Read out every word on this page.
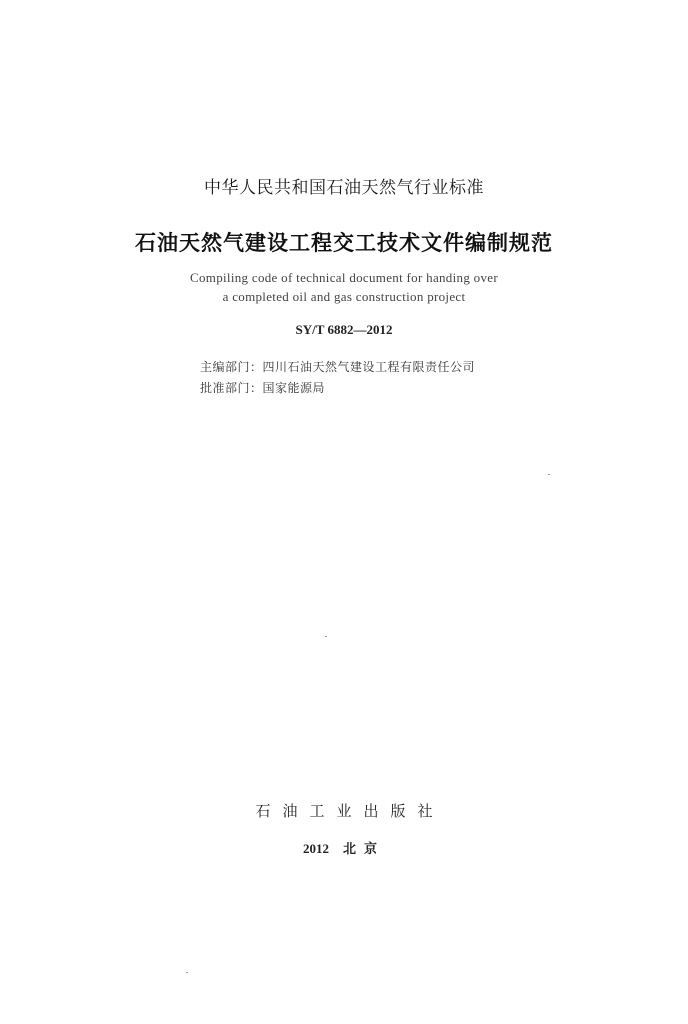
中华人民共和国石油天然气行业标准
石油天然气建设工程交工技术文件编制规范
Compiling code of technical document for handing over
a completed oil and gas construction project
SY/T 6882—2012
主编部门：四川石油天然气建设工程有限责任公司
批准部门：国家能源局
石油工业出版社
2012 北京
